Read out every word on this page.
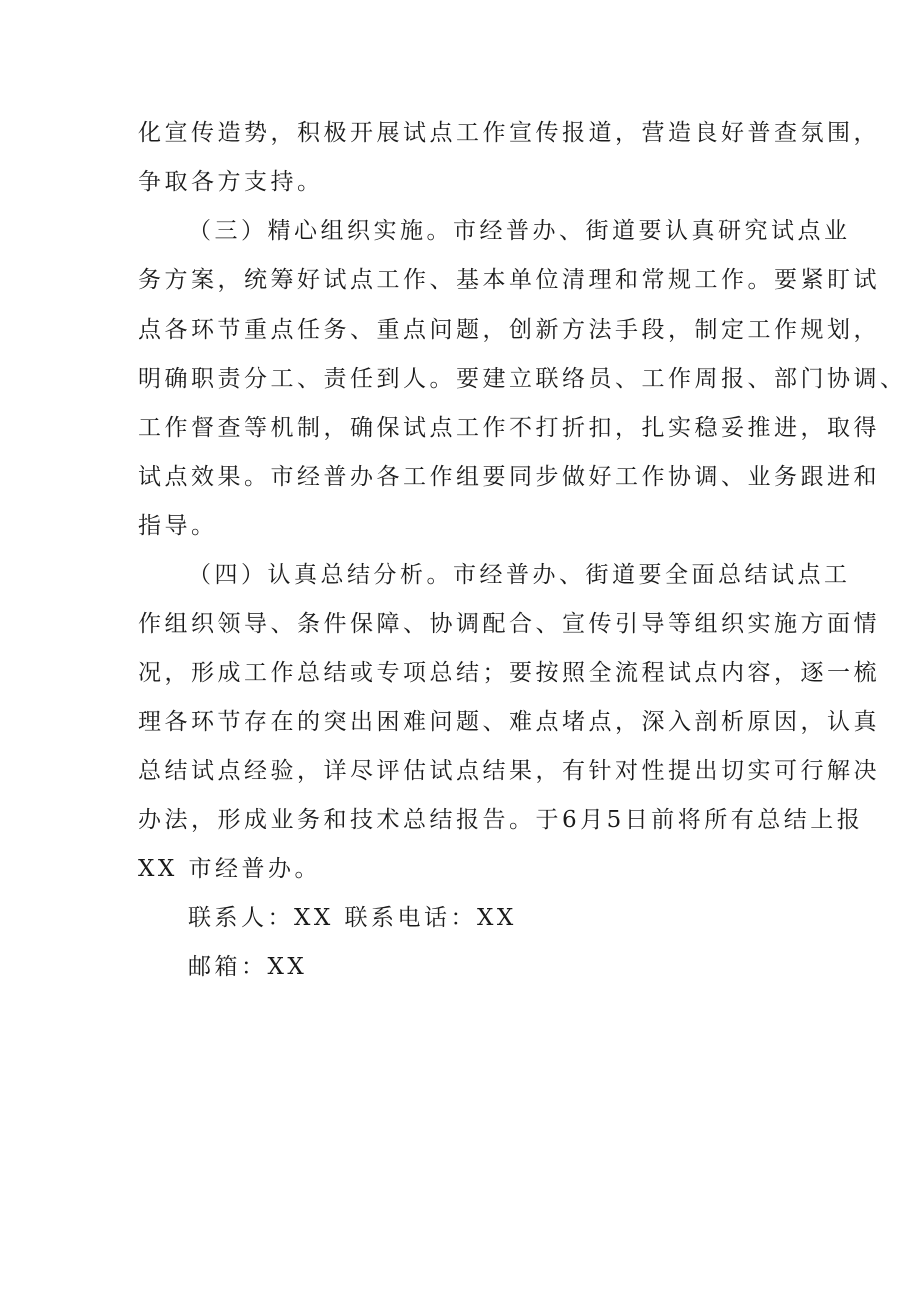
化宣传造势，积极开展试点工作宣传报道，营造良好普查氛围，
争取各方支持。
（三）精心组织实施。市经普办、街道要认真研究试点业
务方案，统筹好试点工作、基本单位清理和常规工作。要紧盯试
点各环节重点任务、重点问题，创新方法手段，制定工作规划，
明确职责分工、责任到人。要建立联络员、工作周报、部门协调、
工作督查等机制，确保试点工作不打折扣，扎实稳妥推进，取得
试点效果。市经普办各工作组要同步做好工作协调、业务跟进和
指导。
（四）认真总结分析。市经普办、街道要全面总结试点工
作组织领导、条件保障、协调配合、宣传引导等组织实施方面情
况，形成工作总结或专项总结；要按照全流程试点内容，逐一梳
理各环节存在的突出困难问题、难点堵点，深入剖析原因，认真
总结试点经验，详尽评估试点结果，有针对性提出切实可行解决
办法，形成业务和技术总结报告。于6月5日前将所有总结上报
XX 市经普办。
联系人：XX 联系电话：XX
邮箱：XX
